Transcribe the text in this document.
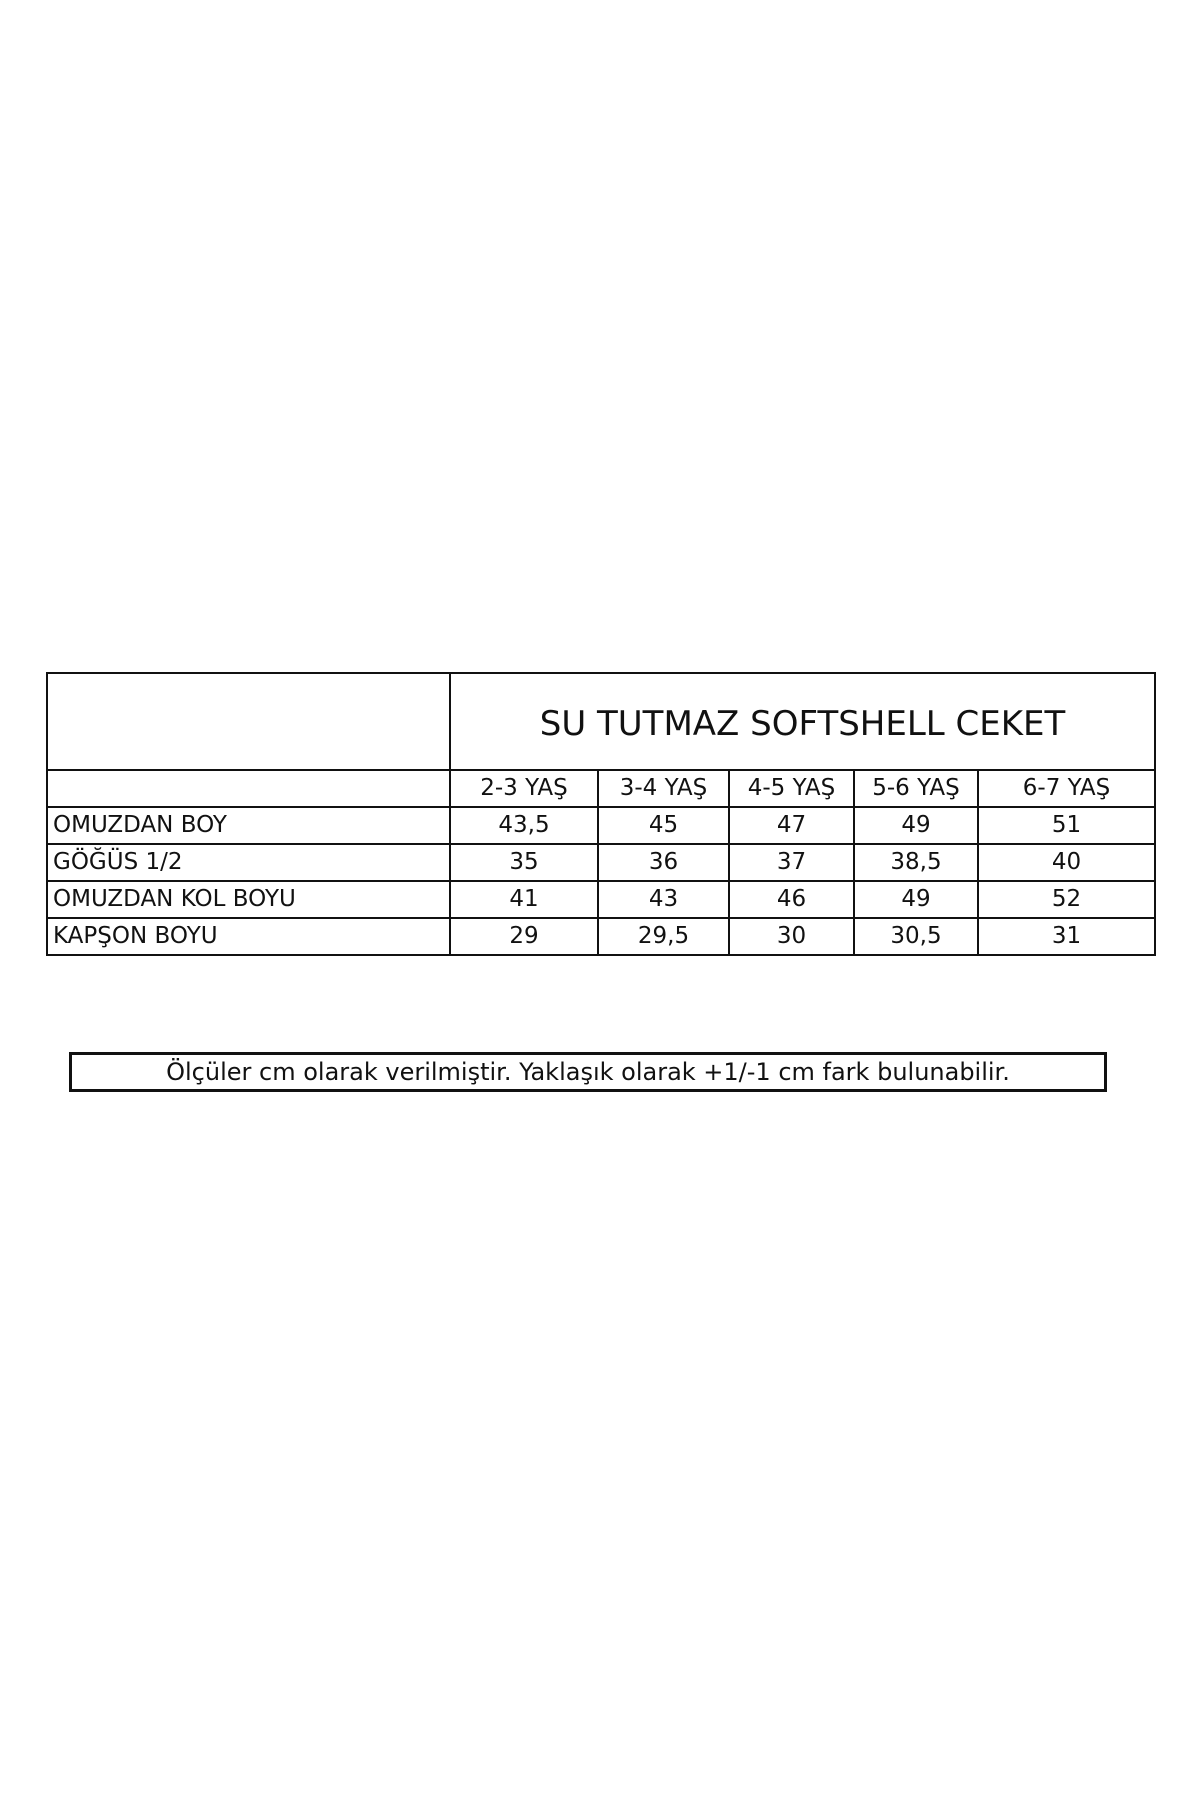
	SU TUTMAZ SOFTSHELL CEKET				
	2-3 YAŞ	3-4 YAŞ	4-5 YAŞ	5-6 YAŞ	6-7 YAŞ
OMUZDAN BOY	43,5	45	47	49	51
GÖĞÜS 1/2	35	36	37	38,5	40
OMUZDAN KOL BOYU	41	43	46	49	52
KAPŞON BOYU	29	29,5	30	30,5	31
Ölçüler cm olarak verilmiştir. Yaklaşık olarak +1/-1 cm fark bulunabilir.
